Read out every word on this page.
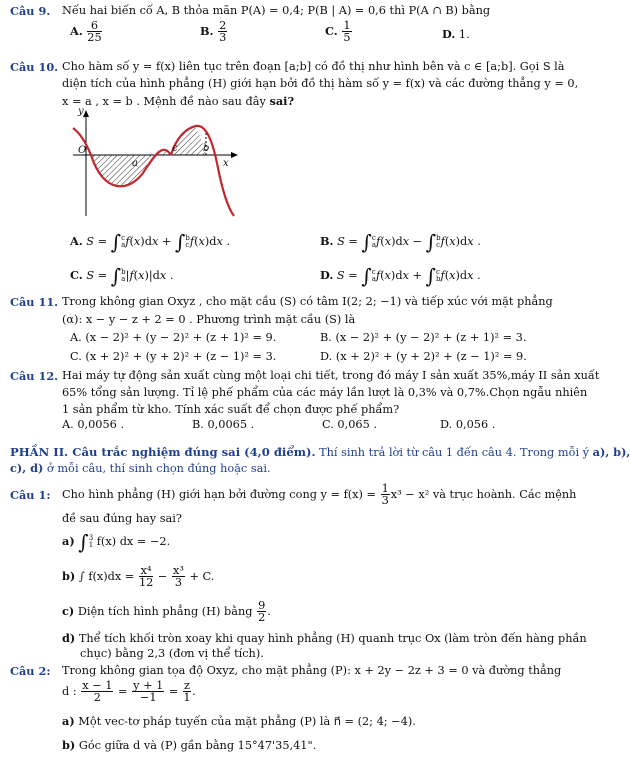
Câu 9. Nếu hai biến cố A, B thỏa mãn P(A) = 0,4; P(B | A) = 0,6 thì P(A ∩ B) bằng
A. $\frac{6}{25}$	B. $\frac{2}{3}$	C. $\frac{1}{5}$	D. 1.
Câu 10. Cho hàm số y = f(x) liên tục trên đoạn [a;b] có đồ thị như hình bên và c ∈ [a;b]. Gọi S là
diện tích của hình phẳng (H) giới hạn bởi đồ thị hàm số y = f(x) và các đường thẳng y = 0,
x = a , x = b . Mệnh đề nào sau đây sai?
y
O
a
c	b
x
A. S = ∫ c
a f(x)dx + ∫ b
c f(x)dx .	B. S = ∫ c
a f(x)dx − ∫ b
c f(x)dx .
C. S = ∫ b
a |f(x)|dx .	D. S = ∫ c
a f(x)dx + ∫ c
b f(x)dx .
Câu 11. Trong không gian Oxyz , cho mặt cầu (S) có tâm I(2; 2; −1) và tiếp xúc với mặt phẳng
(α): x − y − z + 2 = 0 . Phương trình mặt cầu (S) là
A. (x − 2)² + (y − 2)² + (z + 1)² = 9.	B. (x − 2)² + (y − 2)² + (z + 1)² = 3.
C. (x + 2)² + (y + 2)² + (z − 1)² = 3.	D. (x + 2)² + (y + 2)² + (z − 1)² = 9.
Câu 12. Hai máy tự động sản xuất cùng một loại chi tiết, trong đó máy I sản xuất 35%,máy II sản xuất
65% tổng sản lượng. Tỉ lệ phế phẩm của các máy lần lượt là 0,3% và 0,7%.Chọn ngẫu nhiên
1 sản phẩm từ kho. Tính xác suất để chọn được phế phẩm?
A. 0,0056 .	B. 0,0065 .	C. 0,065 .	D. 0,056 .
PHẦN II. Câu trắc nghiệm đúng sai (4,0 điểm). Thí sinh trả lời từ câu 1 đến câu 4. Trong mỗi ý a), b),
c), d) ở mỗi câu, thí sinh chọn đúng hoặc sai.
Câu 1: Cho hình phẳng (H) giới hạn bởi đường cong $y = f(x) = \frac{1}{3} x^3 - x^2$ và trục hoành. Các mệnh
đề sau đúng hay sai?
a) ∫ 3
1 f(x) dx = −2.
b) ∫ $f(x)dx = \frac{\text{x⁴}}{12} - \frac{\text{x³}}{3} + C$.
c) Diện tích hình phẳng (H) bằng $\frac{9}{2}$ .
d) Thể tích khối tròn xoay khi quay hình phẳng (H) quanh trục Ox (làm tròn đến hàng phần
chục) bằng 2,3 (đơn vị thể tích).
Câu 2: Trong không gian tọa độ Oxyz, cho mặt phẳng (P): x + 2y − 2z + 3 = 0 và đường thẳng
d : $\frac{x - 1}{2} = \frac{y + 1}{-1} = \frac{z}{1}$ .
a) Một vec-tơ pháp tuyến của mặt phẳng (P) là n⃗ = (2; 4; −4).
b) Góc giữa d và (P) gần bằng 15°47'35,41".
